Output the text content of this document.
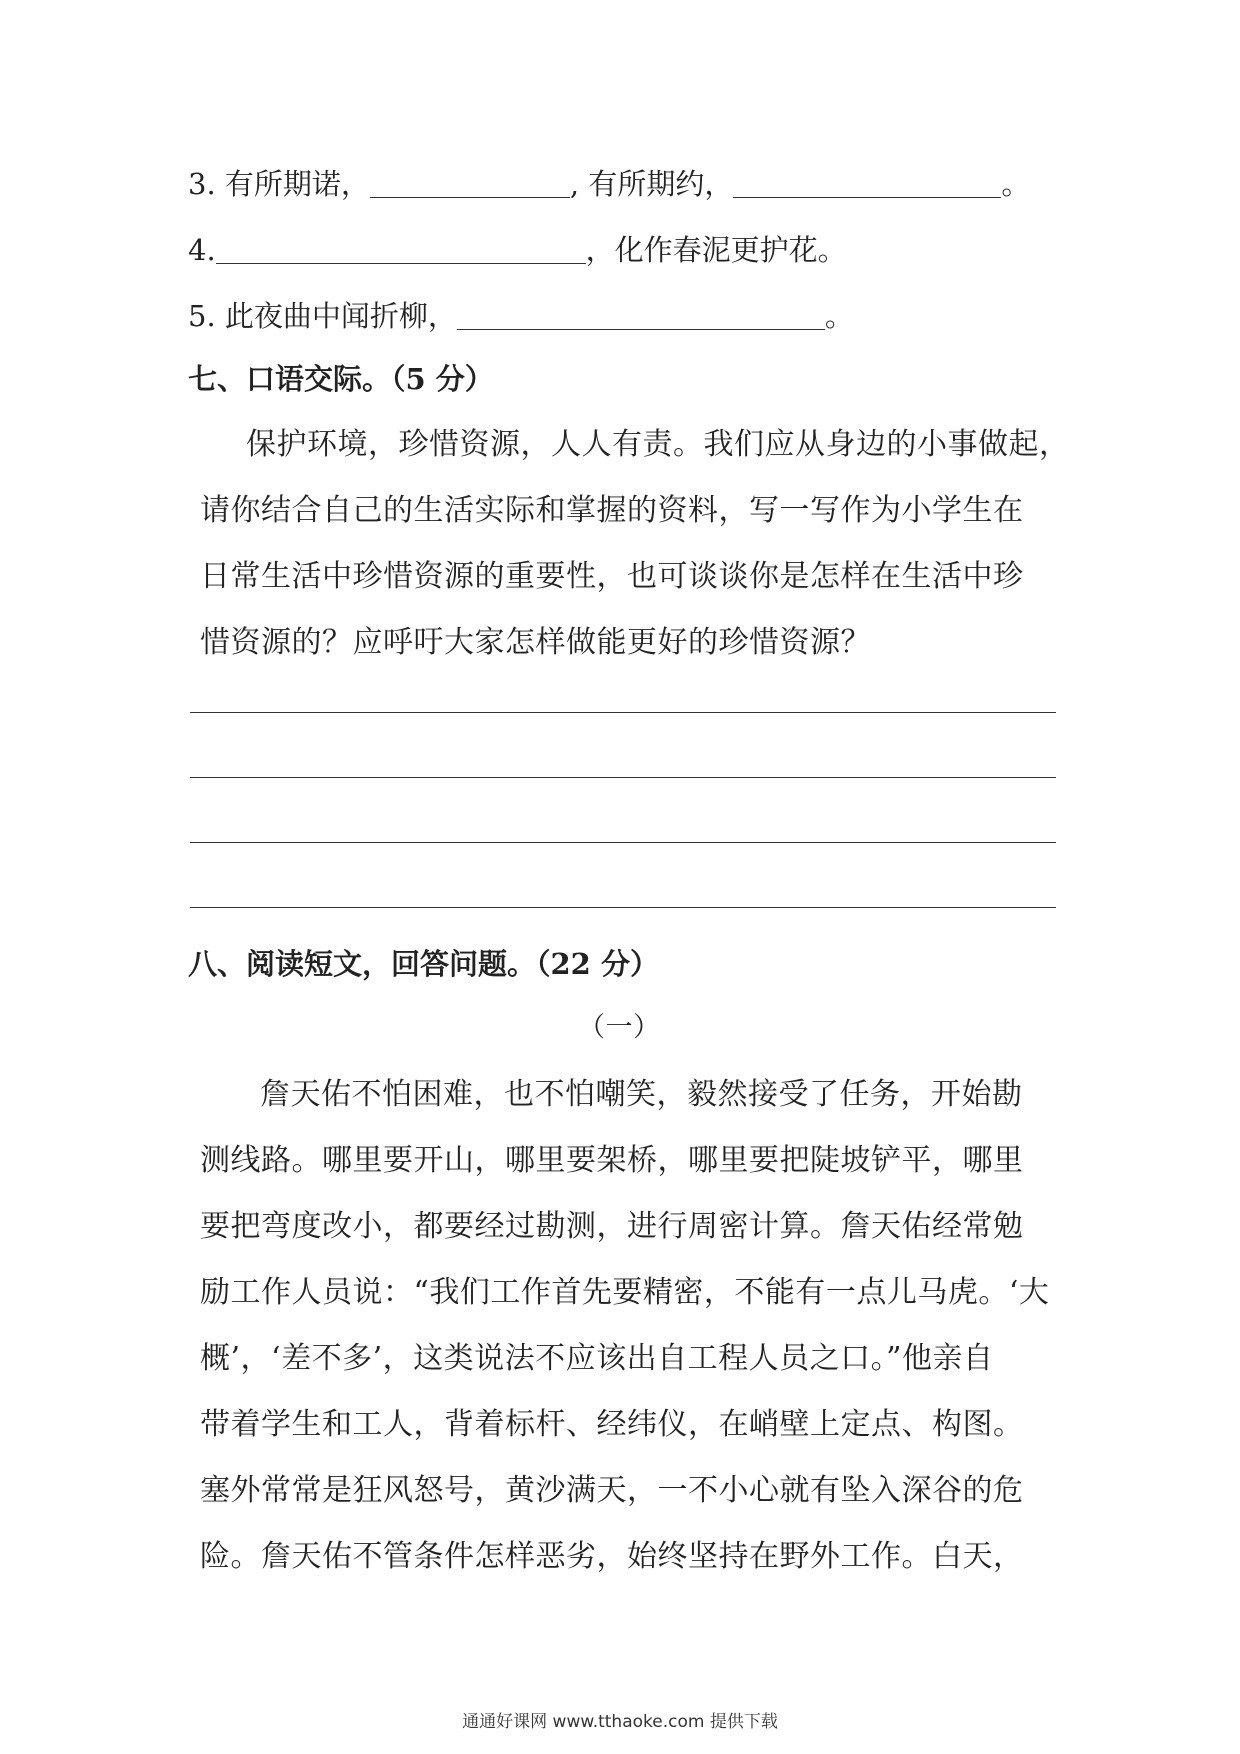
3. 有所期诺，	, 有所期约，	。
4.	，化作春泥更护花。
5. 此夜曲中闻折柳，	。
七、口语交际。（5 分）
保护环境，珍惜资源，人人有责。我们应从身边的小事做起，
请你结合自己的生活实际和掌握的资料，写一写作为小学生在
日常生活中珍惜资源的重要性，也可谈谈你是怎样在生活中珍
惜资源的？应呼吁大家怎样做能更好的珍惜资源？
八、阅读短文，回答问题。（22 分）
（一）
詹天佑不怕困难，也不怕嘲笑，毅然接受了任务，开始勘
测线路。哪里要开山，哪里要架桥，哪里要把陡坡铲平，哪里
要把弯度改小，都要经过勘测，进行周密计算。詹天佑经常勉
励工作人员说：“我们工作首先要精密，不能有一点儿马虎。‘大
概’，‘差不多’，这类说法不应该出自工程人员之口。”他亲自
带着学生和工人，背着标杆、经纬仪，在峭壁上定点、构图。
塞外常常是狂风怒号，黄沙满天，一不小心就有坠入深谷的危
险。詹天佑不管条件怎样恶劣，始终坚持在野外工作。白天，
通通好课网 www.tthaoke.com 提供下载
